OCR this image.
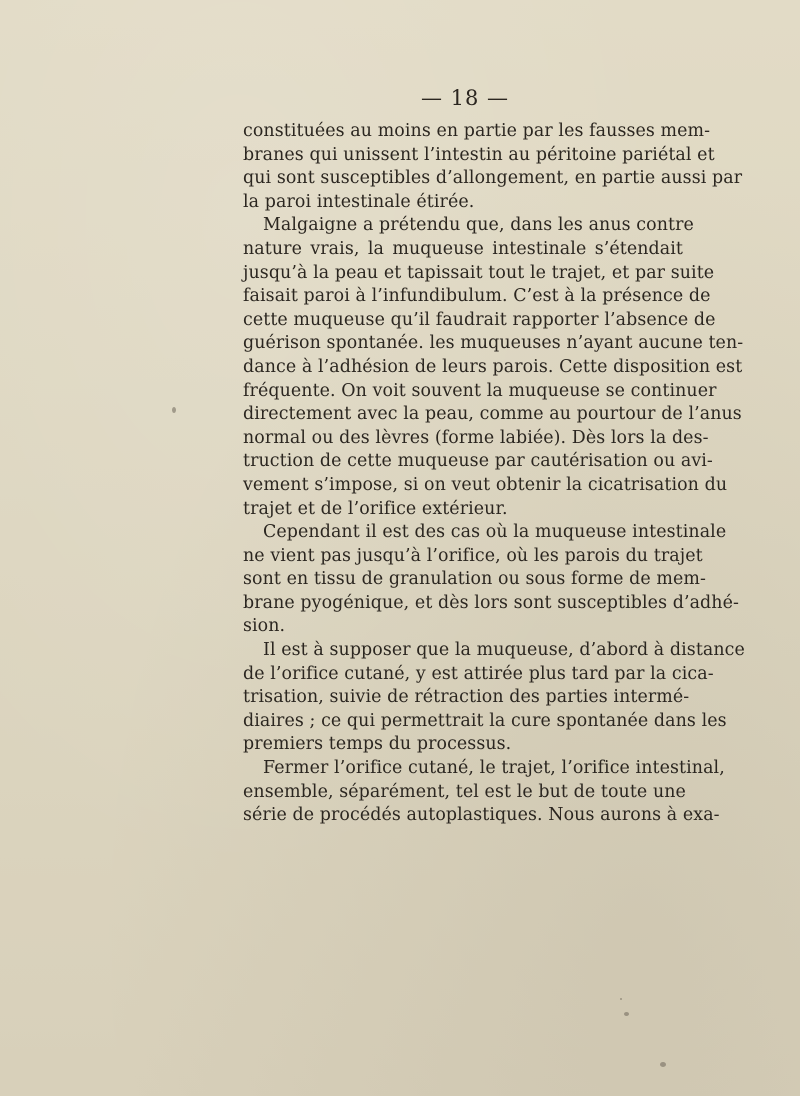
— 18 —
constituées au moins en partie par les fausses mem-
branes qui unissent l’intestin au péritoine pariétal et
qui sont susceptibles d’allongement, en partie aussi par
la paroi intestinale étirée.
Malgaigne a prétendu que, dans les anus contre
nature vrais, la muqueuse intestinale s’étendait
jusqu’à la peau et tapissait tout le trajet, et par suite
faisait paroi à l’infundibulum. C’est à la présence de
cette muqueuse qu’il faudrait rapporter l’absence de
guérison spontanée. les muqueuses n’ayant aucune ten-
dance à l’adhésion de leurs parois. Cette disposition est
fréquente. On voit souvent la muqueuse se continuer
directement avec la peau, comme au pourtour de l’anus
normal ou des lèvres (forme labiée). Dès lors la des-
truction de cette muqueuse par cautérisation ou avi-
vement s’impose, si on veut obtenir la cicatrisation du
trajet et de l’orifice extérieur.
Cependant il est des cas où la muqueuse intestinale
ne vient pas jusqu’à l’orifice, où les parois du trajet
sont en tissu de granulation ou sous forme de mem-
brane pyogénique, et dès lors sont susceptibles d’adhé-
sion.
Il est à supposer que la muqueuse, d’abord à distance
de l’orifice cutané, y est attirée plus tard par la cica-
trisation, suivie de rétraction des parties intermé-
diaires ; ce qui permettrait la cure spontanée dans les
premiers temps du processus.
Fermer l’orifice cutané, le trajet, l’orifice intestinal,
ensemble, séparément, tel est le but de toute une
série de procédés autoplastiques. Nous aurons à exa-
